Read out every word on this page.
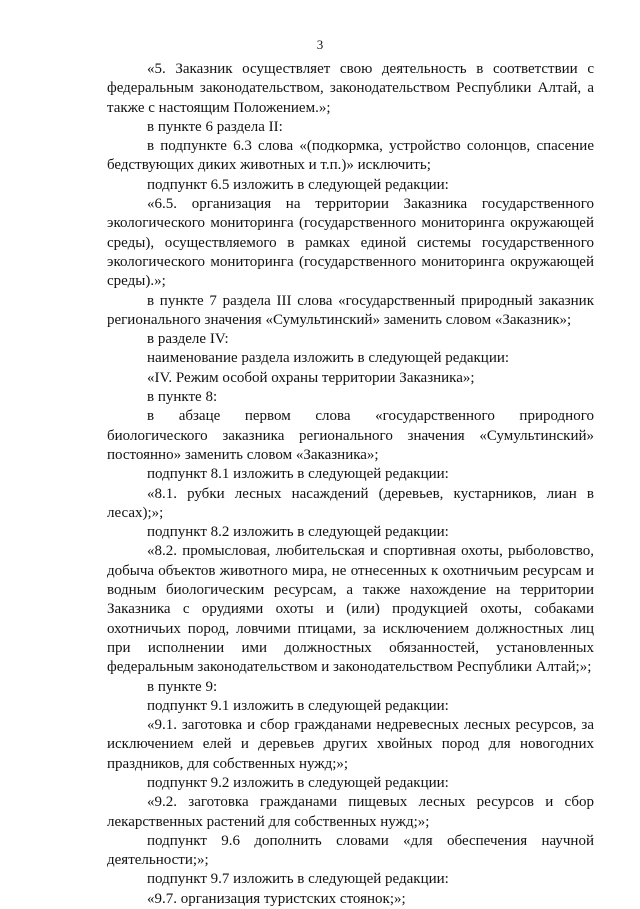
3

«5. Заказник осуществляет свою деятельность в соответствии с федеральным законодательством, законодательством Республики Алтай, а также с настоящим Положением.»;

в пункте 6 раздела II:

в подпункте 6.3 слова «(подкормка, устройство солонцов, спасение бедствующих диких животных и т.п.)» исключить;

подпункт 6.5 изложить в следующей редакции:

«6.5. организация на территории Заказника государственного экологического мониторинга (государственного мониторинга окружающей среды), осуществляемого в рамках единой системы государственного экологического мониторинга (государственного мониторинга окружающей среды).»;

в пункте 7 раздела III слова «государственный природный заказник регионального значения «Сумультинский» заменить словом «Заказник»;

в разделе IV:

наименование раздела изложить в следующей редакции:

«IV. Режим особой охраны территории Заказника»;

в пункте 8:

в абзаце первом слова «государственного природного биологического заказника регионального значения «Сумультинский» постоянно» заменить словом «Заказника»;

подпункт 8.1 изложить в следующей редакции:

«8.1. рубки лесных насаждений (деревьев, кустарников, лиан в лесах);»;

подпункт 8.2 изложить в следующей редакции:

«8.2. промысловая, любительская и спортивная охоты, рыболовство, добыча объектов животного мира, не отнесенных к охотничьим ресурсам и водным биологическим ресурсам, а также нахождение на территории Заказника с орудиями охоты и (или) продукцией охоты, собаками охотничьих пород, ловчими птицами, за исключением должностных лиц при исполнении ими должностных обязанностей, установленных федеральным законодательством и законодательством Республики Алтай;»;

в пункте 9:

подпункт 9.1 изложить в следующей редакции:

«9.1. заготовка и сбор гражданами недревесных лесных ресурсов, за исключением елей и деревьев других хвойных пород для новогодних праздников, для собственных нужд;»;

подпункт 9.2 изложить в следующей редакции:

«9.2. заготовка гражданами пищевых лесных ресурсов и сбор лекарственных растений для собственных нужд;»;

подпункт 9.6 дополнить словами «для обеспечения научной деятельности;»;

подпункт 9.7 изложить в следующей редакции:

«9.7. организация туристских стоянок;»;
